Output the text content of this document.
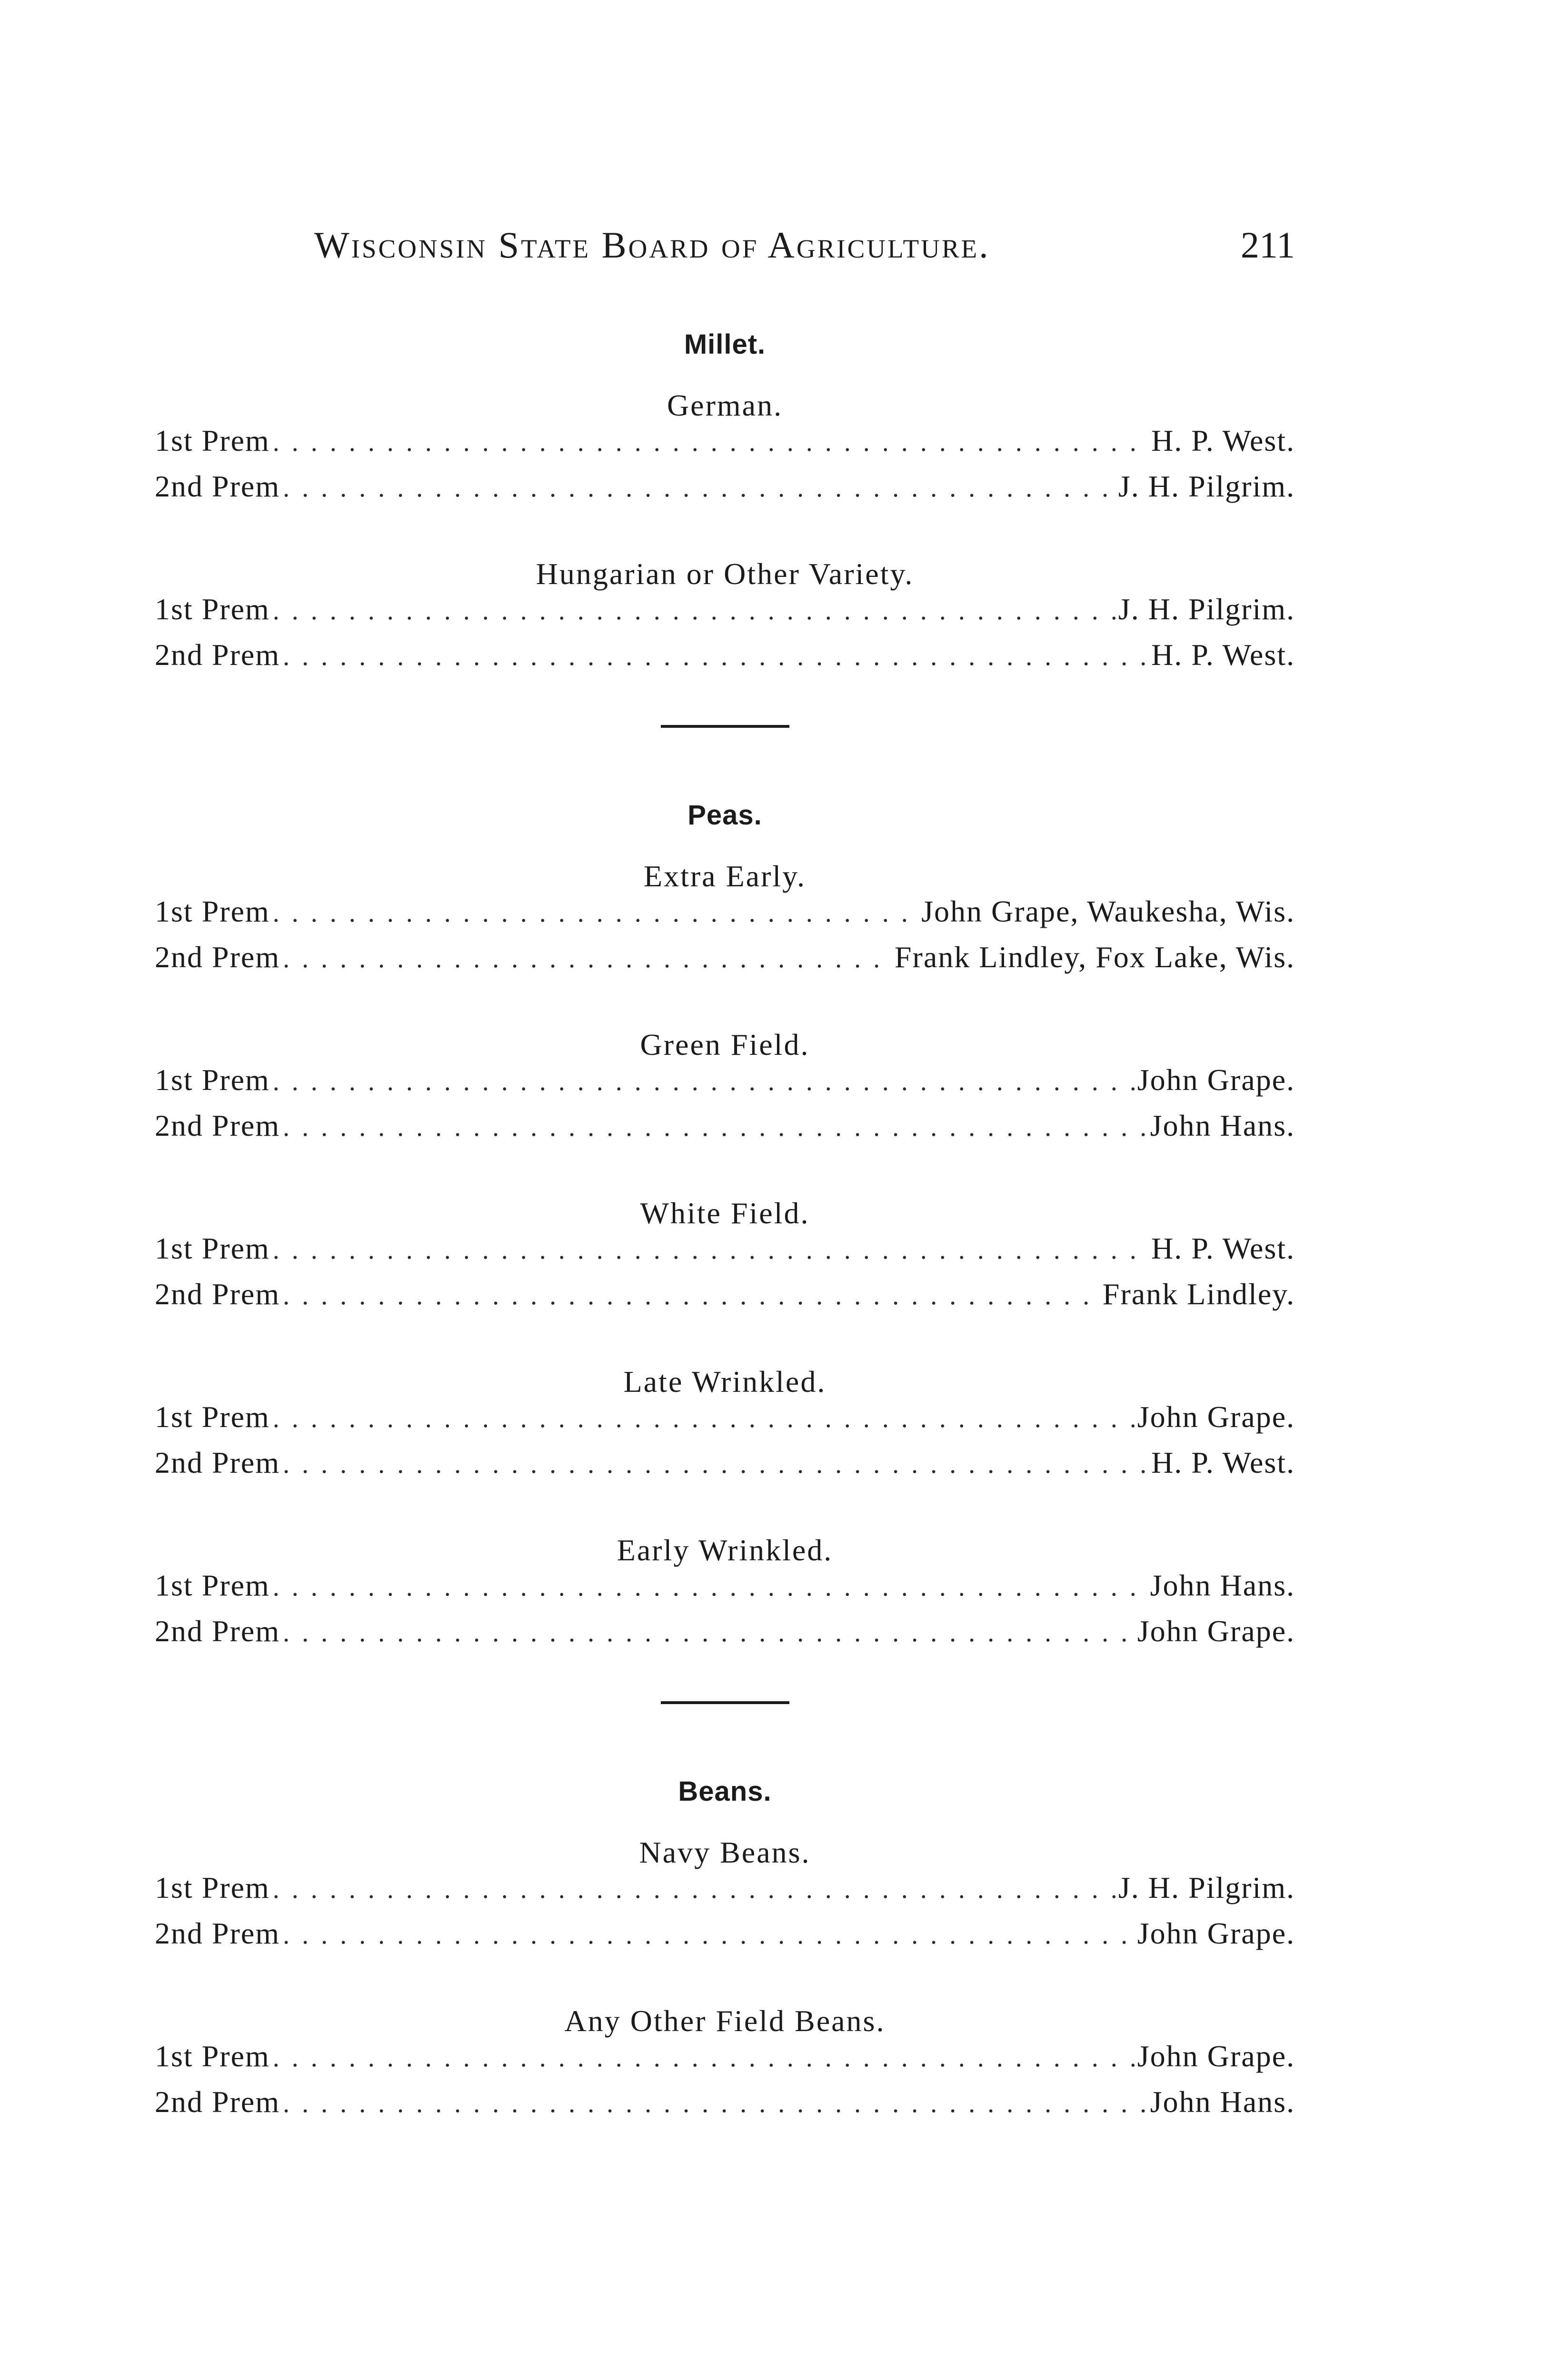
Wisconsin State Board of Agriculture.	211
Millet.

German.

1st Prem . . .	H. P. West.
2nd Prem . . .	J. H. Pilgrim.

Hungarian or Other Variety.

1st Prem . . .	J. H. Pilgrim.
2nd Prem . . .	H. P. West.
Peas.

Extra Early.

1st Prem . . .	John Grape, Waukesha, Wis.
2nd Prem . . .	Frank Lindley, Fox Lake, Wis.

Green Field.

1st Prem . . .	John Grape.
2nd Prem . . .	John Hans.

White Field.

1st Prem . . .	H. P. West.
2nd Prem . . .	Frank Lindley.

Late Wrinkled.

1st Prem . . .	John Grape.
2nd Prem . . .	H. P. West.

Early Wrinkled.

1st Prem . . .	John Hans.
2nd Prem . . .	John Grape.
Beans.

Navy Beans.

1st Prem . . .	J. H. Pilgrim.
2nd Prem . . .	John Grape.

Any Other Field Beans.

1st Prem . . .	John Grape.
2nd Prem . . .	John Hans.
